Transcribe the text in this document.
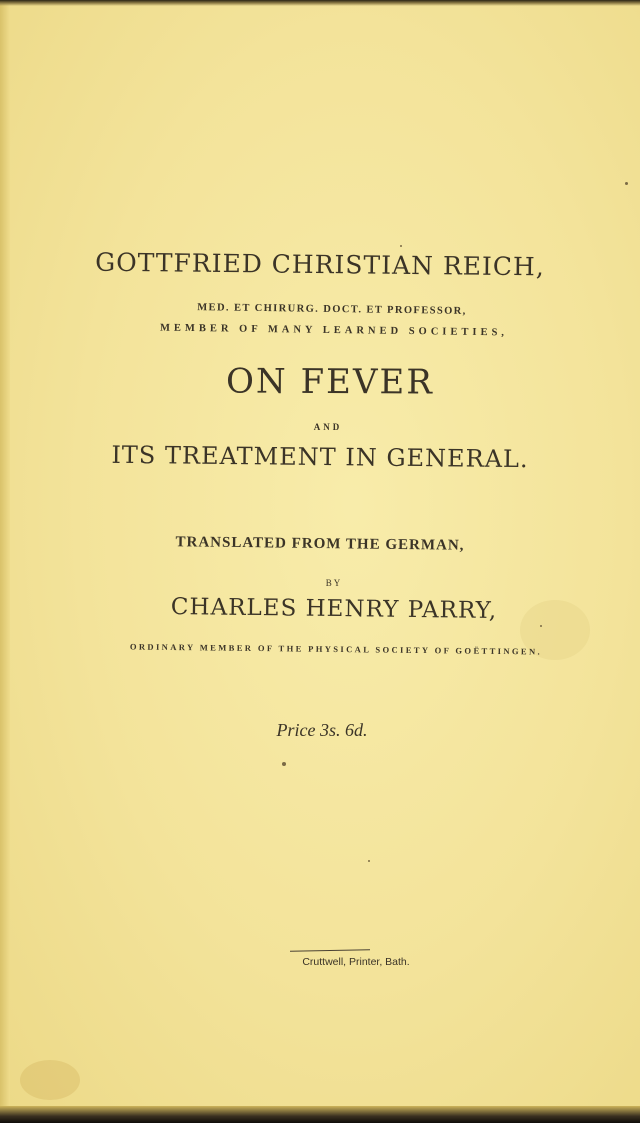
GOTTFRIED CHRISTIAN REICH,
MED. ET CHIRURG. DOCT. ET PROFESSOR,
MEMBER OF MANY LEARNED SOCIETIES,
ON FEVER
AND
ITS TREATMENT IN GENERAL.
TRANSLATED FROM THE GERMAN,
BY
CHARLES HENRY PARRY,
ORDINARY MEMBER OF THE PHYSICAL SOCIETY OF GOËTTINGEN.
Price 3s. 6d.
Cruttwell, Printer, Bath.
